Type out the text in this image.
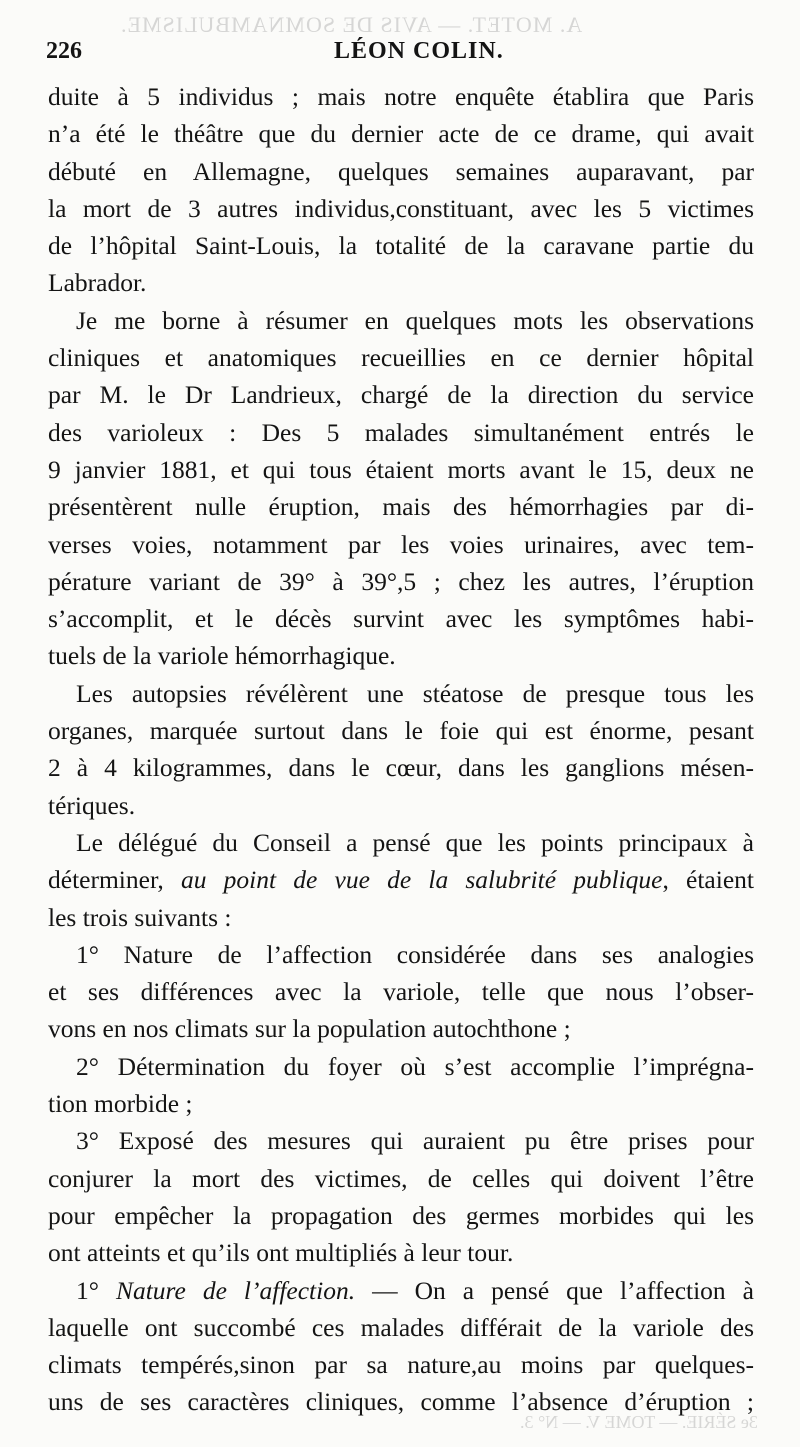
A. MOTET. — AVIS DE SOMNAMBULISME.
3e SÉRIE. — TOME V. — N° 3.
226	LÉON COLIN.
duite à 5 individus ; mais notre enquête établira que Paris
n’a été le théâtre que du dernier acte de ce drame, qui avait
débuté en Allemagne, quelques semaines auparavant, par
la mort de 3 autres individus,constituant, avec les 5 victimes
de l’hôpital Saint-Louis, la totalité de la caravane partie du
Labrador.
Je me borne à résumer en quelques mots les observations
cliniques et anatomiques recueillies en ce dernier hôpital
par M. le Dr Landrieux, chargé de la direction du service
des varioleux : Des 5 malades simultanément entrés le
9 janvier 1881, et qui tous étaient morts avant le 15, deux ne
présentèrent nulle éruption, mais des hémorrhagies par di-
verses voies, notamment par les voies urinaires, avec tem-
pérature variant de 39° à 39°,5 ; chez les autres, l’éruption
s’accomplit, et le décès survint avec les symptômes habi-
tuels de la variole hémorrhagique.
Les autopsies révélèrent une stéatose de presque tous les
organes, marquée surtout dans le foie qui est énorme, pesant
2 à 4 kilogrammes, dans le cœur, dans les ganglions mésen-
tériques.
Le délégué du Conseil a pensé que les points principaux à
déterminer, au point de vue de la salubrité publique, étaient
les trois suivants :
1° Nature de l’affection considérée dans ses analogies
et ses différences avec la variole, telle que nous l’obser-
vons en nos climats sur la population autochthone ;
2° Détermination du foyer où s’est accomplie l’imprégna-
tion morbide ;
3° Exposé des mesures qui auraient pu être prises pour
conjurer la mort des victimes, de celles qui doivent l’être
pour empêcher la propagation des germes morbides qui les
ont atteints et qu’ils ont multipliés à leur tour.
1° Nature de l’affection. — On a pensé que l’affection à
laquelle ont succombé ces malades différait de la variole des
climats tempérés,sinon par sa nature,au moins par quelques-
uns de ses caractères cliniques, comme l’absence d’éruption ;
